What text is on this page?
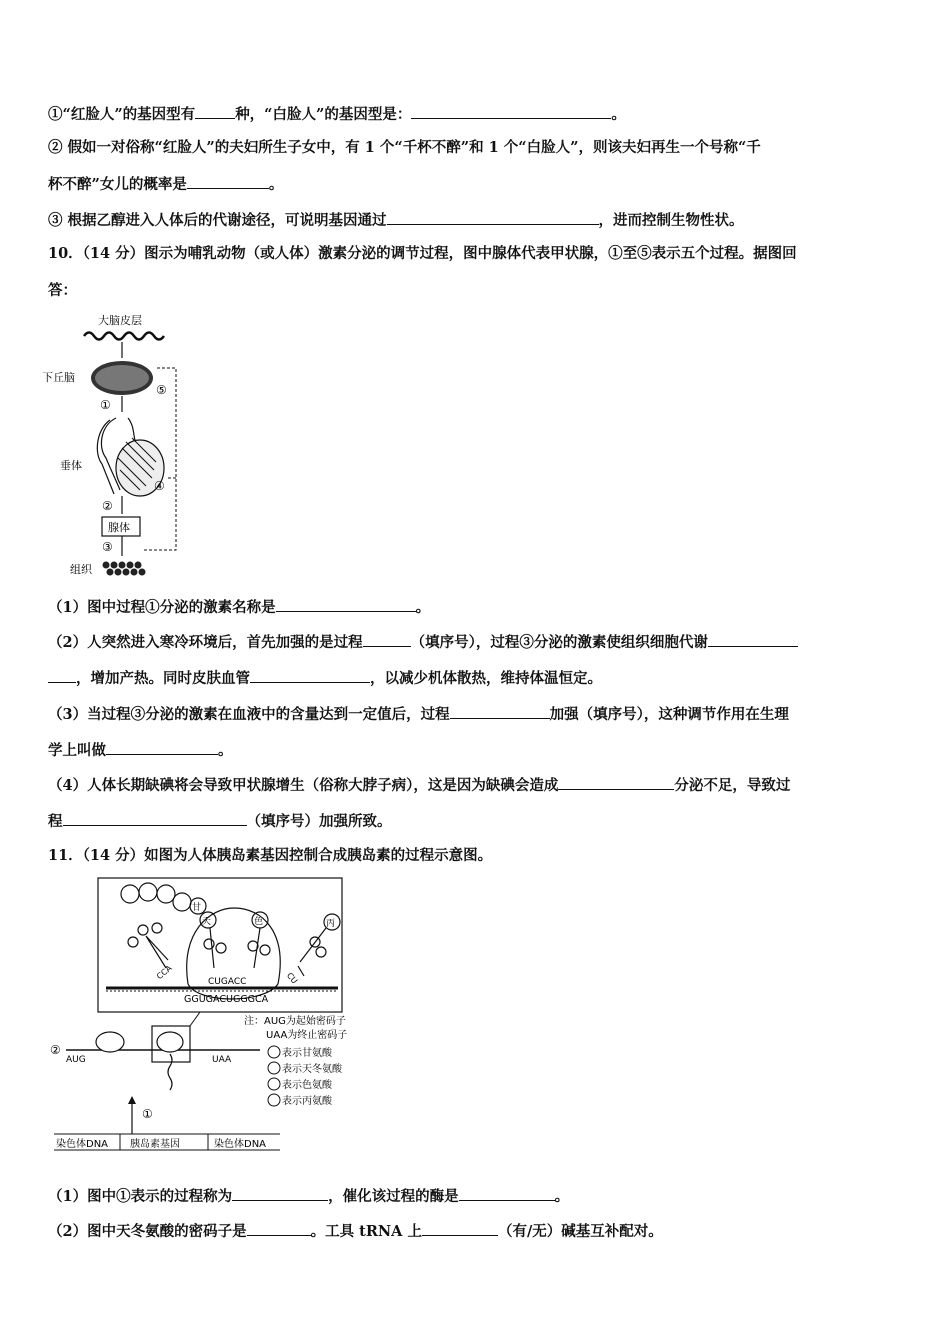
①“红脸人”的基因型有	种，“白脸人”的基因型是：	。
② 假如一对俗称“红脸人”的夫妇所生子女中，有 1 个“千杯不醉”和 1 个“白脸人”，则该夫妇再生一个号称“千
杯不醉”女儿的概率是	。
③ 根据乙醇进入人体后的代谢途径，可说明基因通过	，进而控制生物性状。
10．（14 分）图示为哺乳动物（或人体）激素分泌的调节过程，图中腺体代表甲状腺，①至⑤表示五个过程。据图回
答：
大脑皮层
下丘脑
①
垂体
②
腺体
③
组织
⑤
④
（1）图中过程①分泌的激素名称是	。
（2）人突然进入寒冷环境后，首先加强的是过程	（填序号），过程③分泌的激素使组织细胞代谢
，增加产热。同时皮肤血管	，以减少机体散热，维持体温恒定。
（3）当过程③分泌的激素在血液中的含量达到一定值后，过程	加强（填序号），这种调节作用在生理
学上叫做	。
（4）人体长期缺碘将会导致甲状腺增生（俗称大脖子病），这是因为缺碘会造成	分泌不足，导致过
程	（填序号）加强所致。
11．（14 分）如图为人体胰岛素基因控制合成胰岛素的过程示意图。
甘
天	色	丙
CCA	CU
CUGACC
GGUGACUGGGCA
注：AUG为起始密码子
UAA为终止密码子
表示甘氨酸
表示天冬氨酸
表示色氨酸
表示丙氨酸
②
AUG	UAA
①
染色体DNA 胰岛素基因	染色体DNA
（1）图中①表示的过程称为	，催化该过程的酶是	。
（2）图中天冬氨酸的密码子是	。工具 tRNA 上	（有/无）碱基互补配对。
